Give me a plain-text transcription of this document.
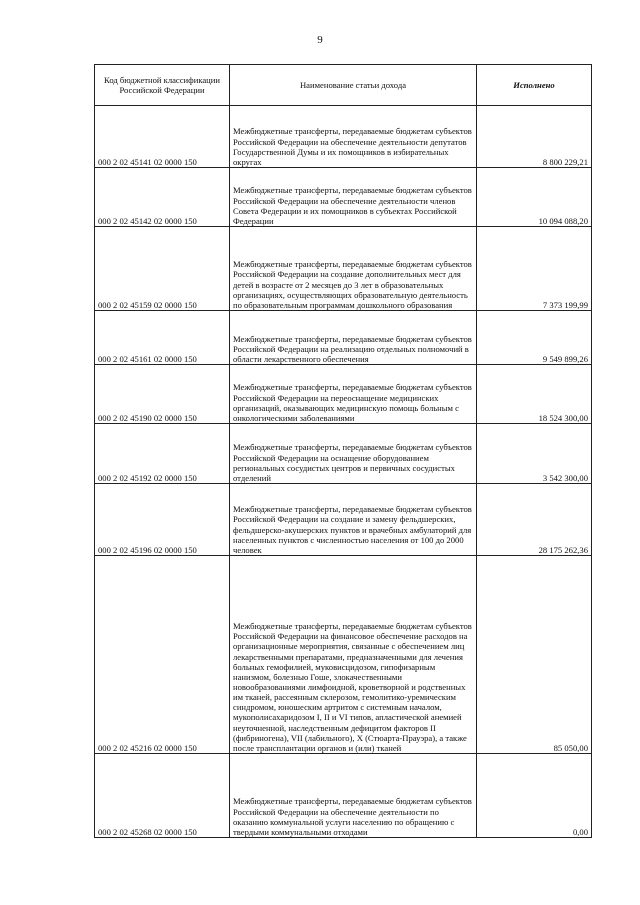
9
Код бюджетной классификации Российской Федерации	Наименование статьи дохода	Исполнено
000 2 02 45141 02 0000 150	Межбюджетные трансферты, передаваемые бюджетам субъектов Российской Федерации на обеспечение деятельности депутатов Государственной Думы и их помощников в избирательных округах	8 800 229,21
000 2 02 45142 02 0000 150	Межбюджетные трансферты, передаваемые бюджетам субъектов Российской Федерации на обеспечение деятельности членов Совета Федерации и их помощников в субъектах Российской Федерации	10 094 088,20
000 2 02 45159 02 0000 150	Межбюджетные трансферты, передаваемые бюджетам субъектов Российской Федерации на создание дополнительных мест для детей в возрасте от 2 месяцев до 3 лет в образовательных организациях, осуществляющих образовательную деятельность по образовательным программам дошкольного образования	7 373 199,99
000 2 02 45161 02 0000 150	Межбюджетные трансферты, передаваемые бюджетам субъектов Российской Федерации на реализацию отдельных полномочий в области лекарственного обеспечения	9 549 899,26
000 2 02 45190 02 0000 150	Межбюджетные трансферты, передаваемые бюджетам субъектов Российской Федерации на переоснащение медицинских организаций, оказывающих медицинскую помощь больным с онкологическими заболеваниями	18 524 300,00
000 2 02 45192 02 0000 150	Межбюджетные трансферты, передаваемые бюджетам субъектов Российской Федерации на оснащение оборудованием региональных сосудистых центров и первичных сосудистых отделений	3 542 300,00
000 2 02 45196 02 0000 150	Межбюджетные трансферты, передаваемые бюджетам субъектов Российской Федерации на создание и замену фельдшерских, фельдшерско-акушерских пунктов и врачебных амбулаторий для населенных пунктов с численностью населения от 100 до 2000 человек	28 175 262,36
000 2 02 45216 02 0000 150	Межбюджетные трансферты, передаваемые бюджетам субъектов Российской Федерации на финансовое обеспечение расходов на организационные мероприятия, связанные с обеспечением лиц лекарственными препаратами, предназначенными для лечения больных гемофилией, муковисцидозом, гипофизарным нанизмом, болезнью Гоше, злокачественными новообразованиями лимфоидной, кроветворной и родственных им тканей, рассеянным склерозом, гемолитико-уремическим синдромом, юношеским артритом с системным началом, мукополисахаридозом I, II и VI типов, апластической анемией неуточненной, наследственным дефицитом факторов II (фибриногена), VII (лабильного), X (Стюарта-Прауэра), а также после трансплантации органов и (или) тканей	85 050,00
000 2 02 45268 02 0000 150	Межбюджетные трансферты, передаваемые бюджетам субъектов Российской Федерации на обеспечение деятельности по оказанию коммунальной услуги населению по обращению с твердыми коммунальными отходами	0,00
